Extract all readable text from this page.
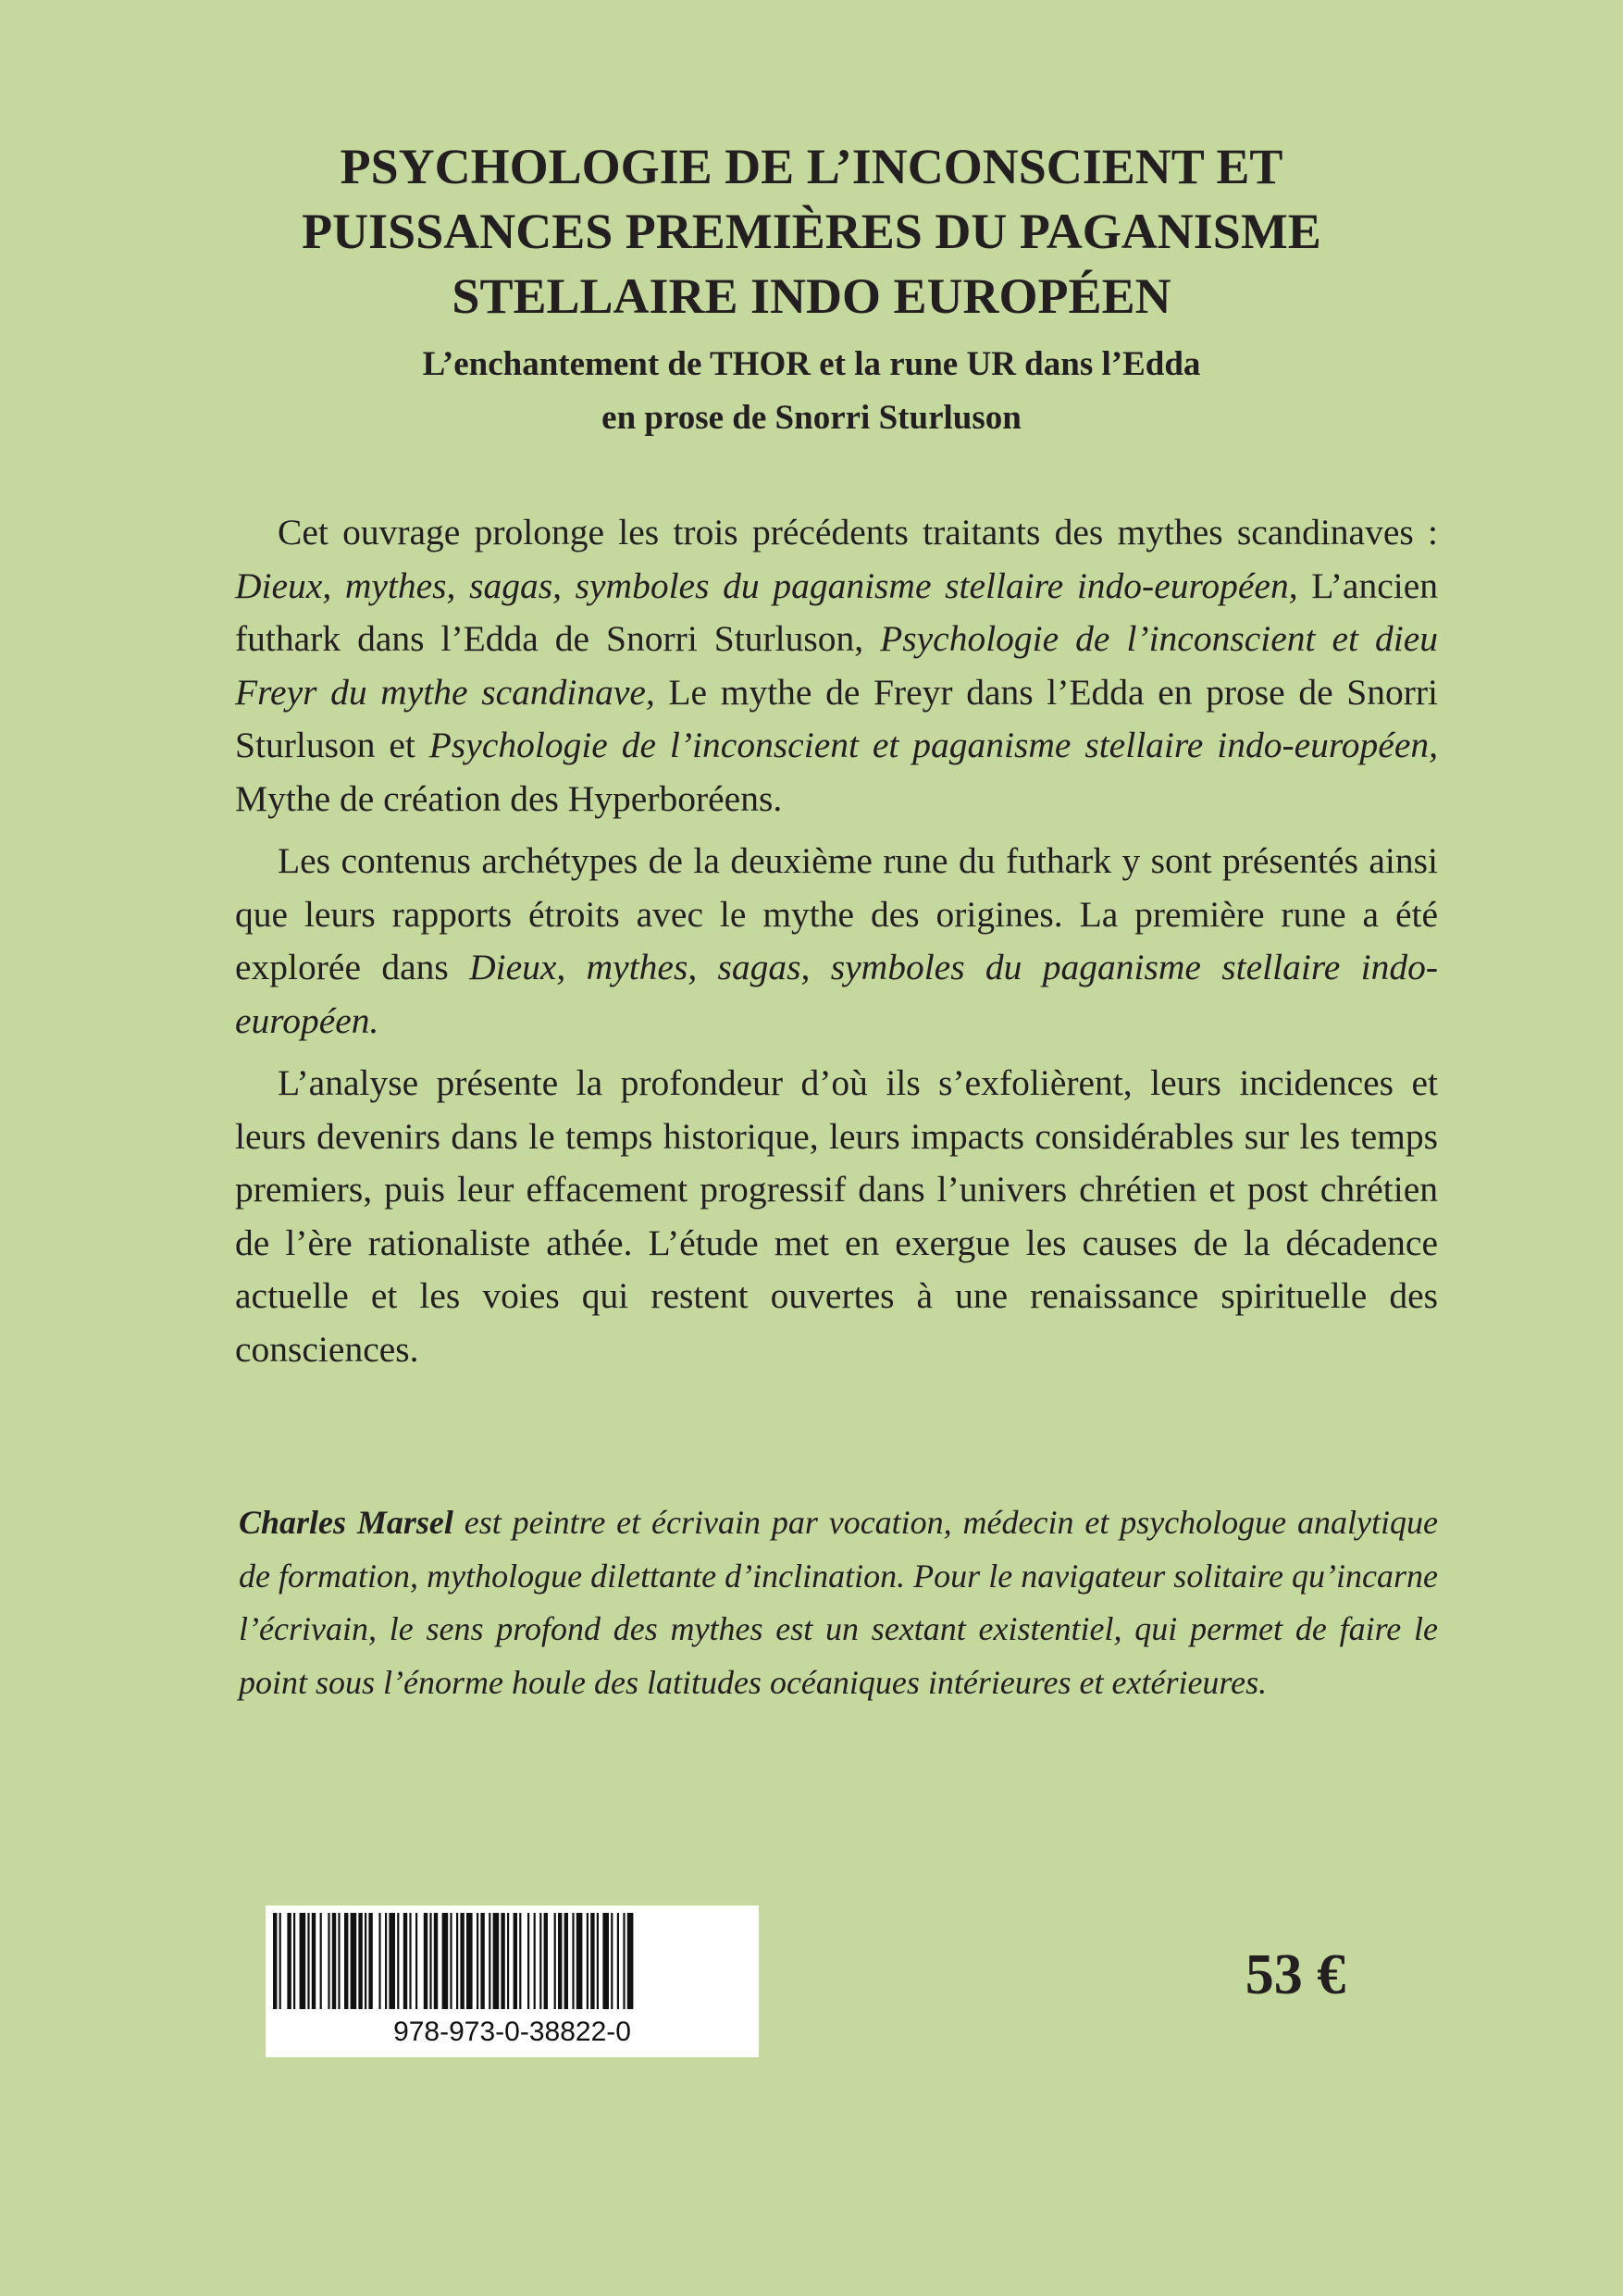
PSYCHOLOGIE DE L’INCONSCIENT ET
PUISSANCES PREMIÈRES DU PAGANISME
STELLAIRE INDO EUROPÉEN
L’enchantement de THOR et la rune UR dans l’Edda
en prose de Snorri Sturluson

Cet ouvrage prolonge les trois précédents traitants des mythes scandinaves : Dieux, mythes, sagas, symboles du paganisme stellaire indo-européen, L’ancien futhark dans l’Edda de Snorri Sturluson, Psychologie de l’inconscient et dieu Freyr du mythe scandinave, Le mythe de Freyr dans l’Edda en prose de Snorri Sturluson et Psychologie de l’inconscient et paganisme stellaire indo-européen, Mythe de création des Hyperboréens.

Les contenus archétypes de la deuxième rune du futhark y sont présentés ainsi que leurs rapports étroits avec le mythe des origines. La première rune a été explorée dans Dieux, mythes, sagas, symboles du paganisme stellaire indo-européen.

L’analyse présente la profondeur d’où ils s’exfolièrent, leurs incidences et leurs devenirs dans le temps historique, leurs impacts considérables sur les temps premiers, puis leur effacement progressif dans l’univers chrétien et post chrétien de l’ère rationaliste athée. L’étude met en exergue les causes de la décadence actuelle et les voies qui restent ouvertes à une renaissance spirituelle des consciences.

Charles Marsel est peintre et écrivain par vocation, médecin et psychologue analytique de formation, mythologue dilettante d’inclination. Pour le navigateur solitaire qu’incarne l’écrivain, le sens profond des mythes est un sextant existentiel, qui permet de faire le point sous l’énorme houle des latitudes océaniques intérieures et extérieures.

978-973-0-38822-0

53 €
